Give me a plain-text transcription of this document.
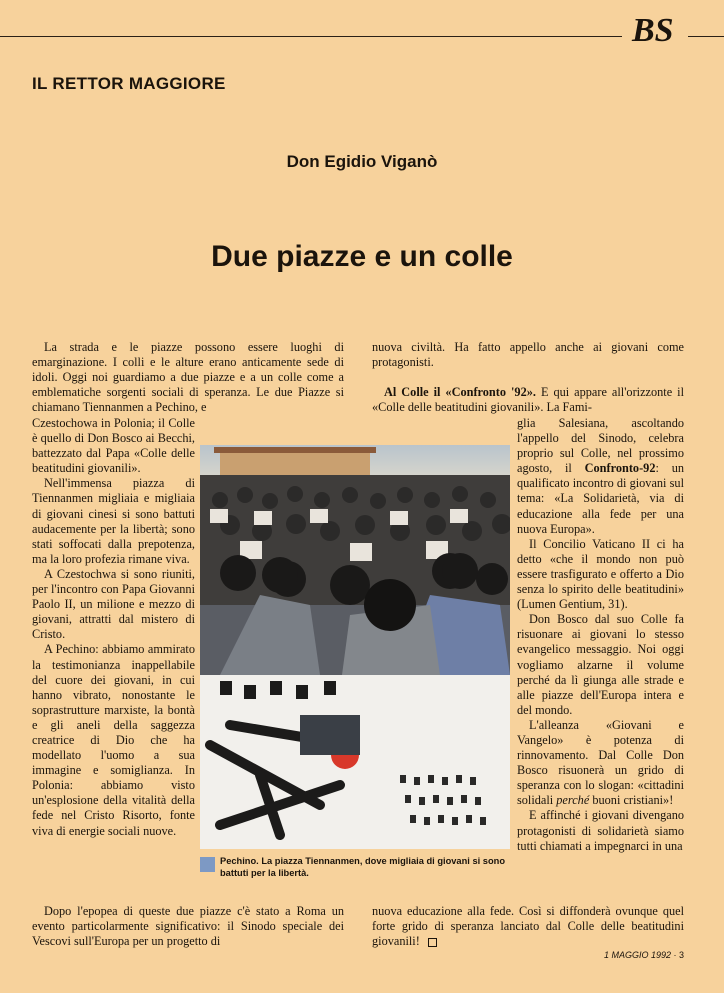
BS
IL RETTOR MAGGIORE
Don Egidio Viganò
Due piazze e un colle

La strada e le piazze possono essere luoghi di emarginazione. I colli e le alture erano anticamente sede di idoli. Oggi noi guardiamo a due piazze e a un colle come a emblematiche sorgenti sociali di speranza. Le due Piazze si chiamano Tiennanmen a Pechino, e

Czestochowa in Polonia; il Colle è quello di Don Bosco ai Becchi, battezzato dal Papa «Colle delle beatitudini giovanili».

Nell'immensa piazza di Tiennanmen migliaia e migliaia di giovani cinesi si sono battuti audacemente per la libertà; sono stati soffocati dalla prepotenza, ma la loro profezia rimane viva.

A Czestochwa si sono riuniti, per l'incontro con Papa Giovanni Paolo II, un milione e mezzo di giovani, attratti dal mistero di Cristo.

A Pechino: abbiamo ammirato la testimonianza inappellabile del cuore dei giovani, in cui hanno vibrato, nonostante le soprastrutture marxiste, la bontà e gli aneli della saggezza creatrice di Dio che ha modellato l'uomo a sua immagine e somiglianza. In Polonia: abbiamo visto un'esplosione della vitalità della fede nel Cristo Risorto, fonte viva di energie sociali nuove.

Dopo l'epopea di queste due piazze c'è stato a Roma un evento particolarmente significativo: il Sinodo speciale dei Vescovi sull'Europa per un progetto di

nuova civiltà. Ha fatto appello anche ai giovani come protagonisti.

Al Colle il «Confronto '92». E qui appare all'orizzonte il «Colle delle beatitudini giovanili». La Fami-

glia Salesiana, ascoltando l'appello del Sinodo, celebra proprio sul Colle, nel prossimo agosto, il Confronto-92: un qualificato incontro di giovani sul tema: «La Solidarietà, via di educazione alla fede per una nuova Europa».

Il Concilio Vaticano II ci ha detto «che il mondo non può essere trasfigurato e offerto a Dio senza lo spirito delle beatitudini» (Lumen Gentium, 31).

Don Bosco dal suo Colle fa risuonare ai giovani lo stesso evangelico messaggio. Noi oggi vogliamo alzarne il volume perché da lì giunga alle strade e alle piazze dell'Europa intera e del mondo.

L'alleanza «Giovani e Vangelo» è potenza di rinnovamento. Dal Colle Don Bosco risuonerà un grido di speranza con lo slogan: «cittadini solidali perché buoni cristiani»!

E affinché i giovani divengano protagonisti di solidarietà siamo tutti chiamati a impegnarci in una

nuova educazione alla fede. Così si diffonderà ovunque quel forte grido di speranza lanciato dal Colle delle beatitudini giovanili!

Pechino. La piazza Tiennanmen, dove migliaia di giovani si sono battuti per la libertà.
1 MAGGIO 1992 · 3
